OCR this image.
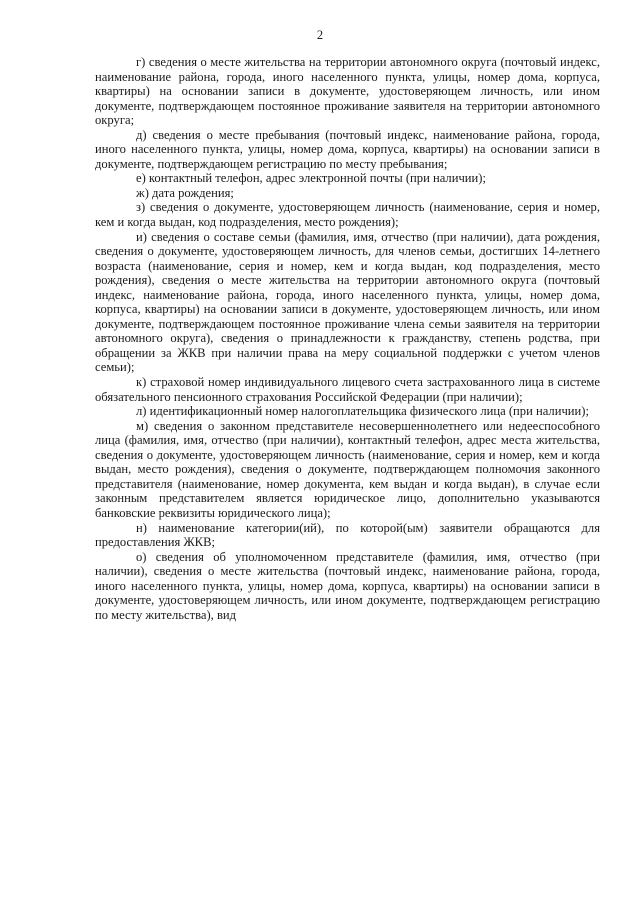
2

г) сведения о месте жительства на территории автономного округа (почтовый индекс, наименование района, города, иного населенного пункта, улицы, номер дома, корпуса, квартиры) на основании записи в документе, удостоверяющем личность, или ином документе, подтверждающем постоянное проживание заявителя на территории автономного округа;

д) сведения о месте пребывания (почтовый индекс, наименование района, города, иного населенного пункта, улицы, номер дома, корпуса, квартиры) на основании записи в документе, подтверждающем регистрацию по месту пребывания;

е) контактный телефон, адрес электронной почты (при наличии);

ж) дата рождения;

з) сведения о документе, удостоверяющем личность (наименование, серия и номер, кем и когда выдан, код подразделения, место рождения);

и) сведения о составе семьи (фамилия, имя, отчество (при наличии), дата рождения, сведения о документе, удостоверяющем личность, для членов семьи, достигших 14-летнего возраста (наименование, серия и номер, кем и когда выдан, код подразделения, место рождения), сведения о месте жительства на территории автономного округа (почтовый индекс, наименование района, города, иного населенного пункта, улицы, номер дома, корпуса, квартиры) на основании записи в документе, удостоверяющем личность, или ином документе, подтверждающем постоянное проживание члена семьи заявителя на территории автономного округа), сведения о принадлежности к гражданству, степень родства, при обращении за ЖКВ при наличии права на меру социальной поддержки с учетом членов семьи);

к) страховой номер индивидуального лицевого счета застрахованного лица в системе обязательного пенсионного страхования Российской Федерации (при наличии);

л) идентификационный номер налогоплательщика физического лица (при наличии);

м) сведения о законном представителе несовершеннолетнего или недееспособного лица (фамилия, имя, отчество (при наличии), контактный телефон, адрес места жительства, сведения о документе, удостоверяющем личность (наименование, серия и номер, кем и когда выдан, место рождения), сведения о документе, подтверждающем полномочия законного представителя (наименование, номер документа, кем выдан и когда выдан), в случае если законным представителем является юридическое лицо, дополнительно указываются банковские реквизиты юридического лица);

н) наименование категории(ий), по которой(ым) заявители обращаются для предоставления ЖКВ;

о) сведения об уполномоченном представителе (фамилия, имя, отчество (при наличии), сведения о месте жительства (почтовый индекс, наименование района, города, иного населенного пункта, улицы, номер дома, корпуса, квартиры) на основании записи в документе, удостоверяющем личность, или ином документе, подтверждающем регистрацию по месту жительства), вид
